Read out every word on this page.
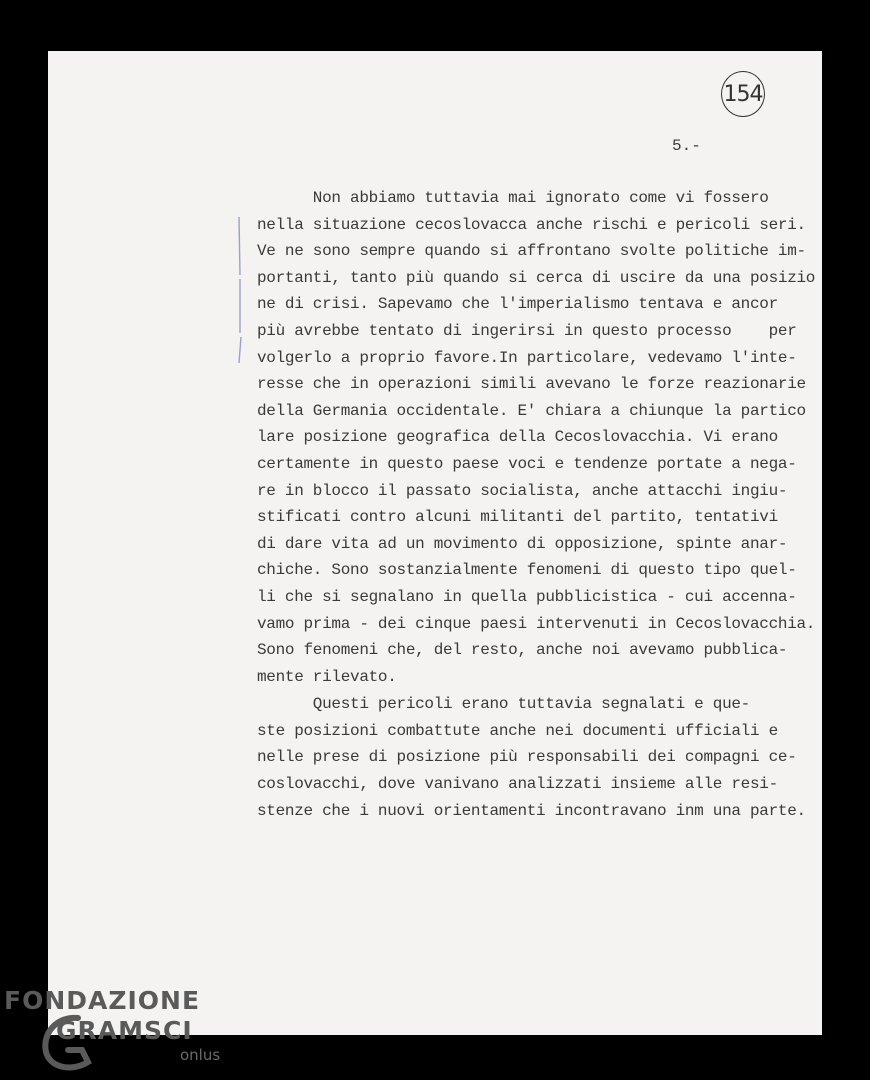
154
5.-

Non abbiamo tuttavia mai ignorato come vi fossero
nella situazione cecoslovacca anche rischi e pericoli seri.
Ve ne sono sempre quando si affrontano svolte politiche im-
portanti, tanto più quando si cerca di uscire da una posizio
ne di crisi. Sapevamo che l'imperialismo tentava e ancor
più avrebbe tentato di ingerirsi in questo processo    per
volgerlo a proprio favore.In particolare, vedevamo l'inte-
resse che in operazioni simili avevano le forze reazionarie
della Germania occidentale. E' chiara a chiunque la partico
lare posizione geografica della Cecoslovacchia. Vi erano
certamente in questo paese voci e tendenze portate a nega-
re in blocco il passato socialista, anche attacchi ingiu-
stificati contro alcuni militanti del partito, tentativi
di dare vita ad un movimento di opposizione, spinte anar-
chiche. Sono sostanzialmente fenomeni di questo tipo quel-
li che si segnalano in quella pubblicistica - cui accenna-
vamo prima - dei cinque paesi intervenuti in Cecoslovacchia.
Sono fenomeni che, del resto, anche noi avevamo pubblica-
mente rilevato.

Questi pericoli erano tuttavia segnalati e que-
ste posizioni combattute anche nei documenti ufficiali e
nelle prese di posizione più responsabili dei compagni ce-
coslovacchi, dove vanivano analizzati insieme alle resi-
stenze che i nuovi orientamenti incontravano inm una parte.

FONDAZIONE
GRAMSCI
onlus
